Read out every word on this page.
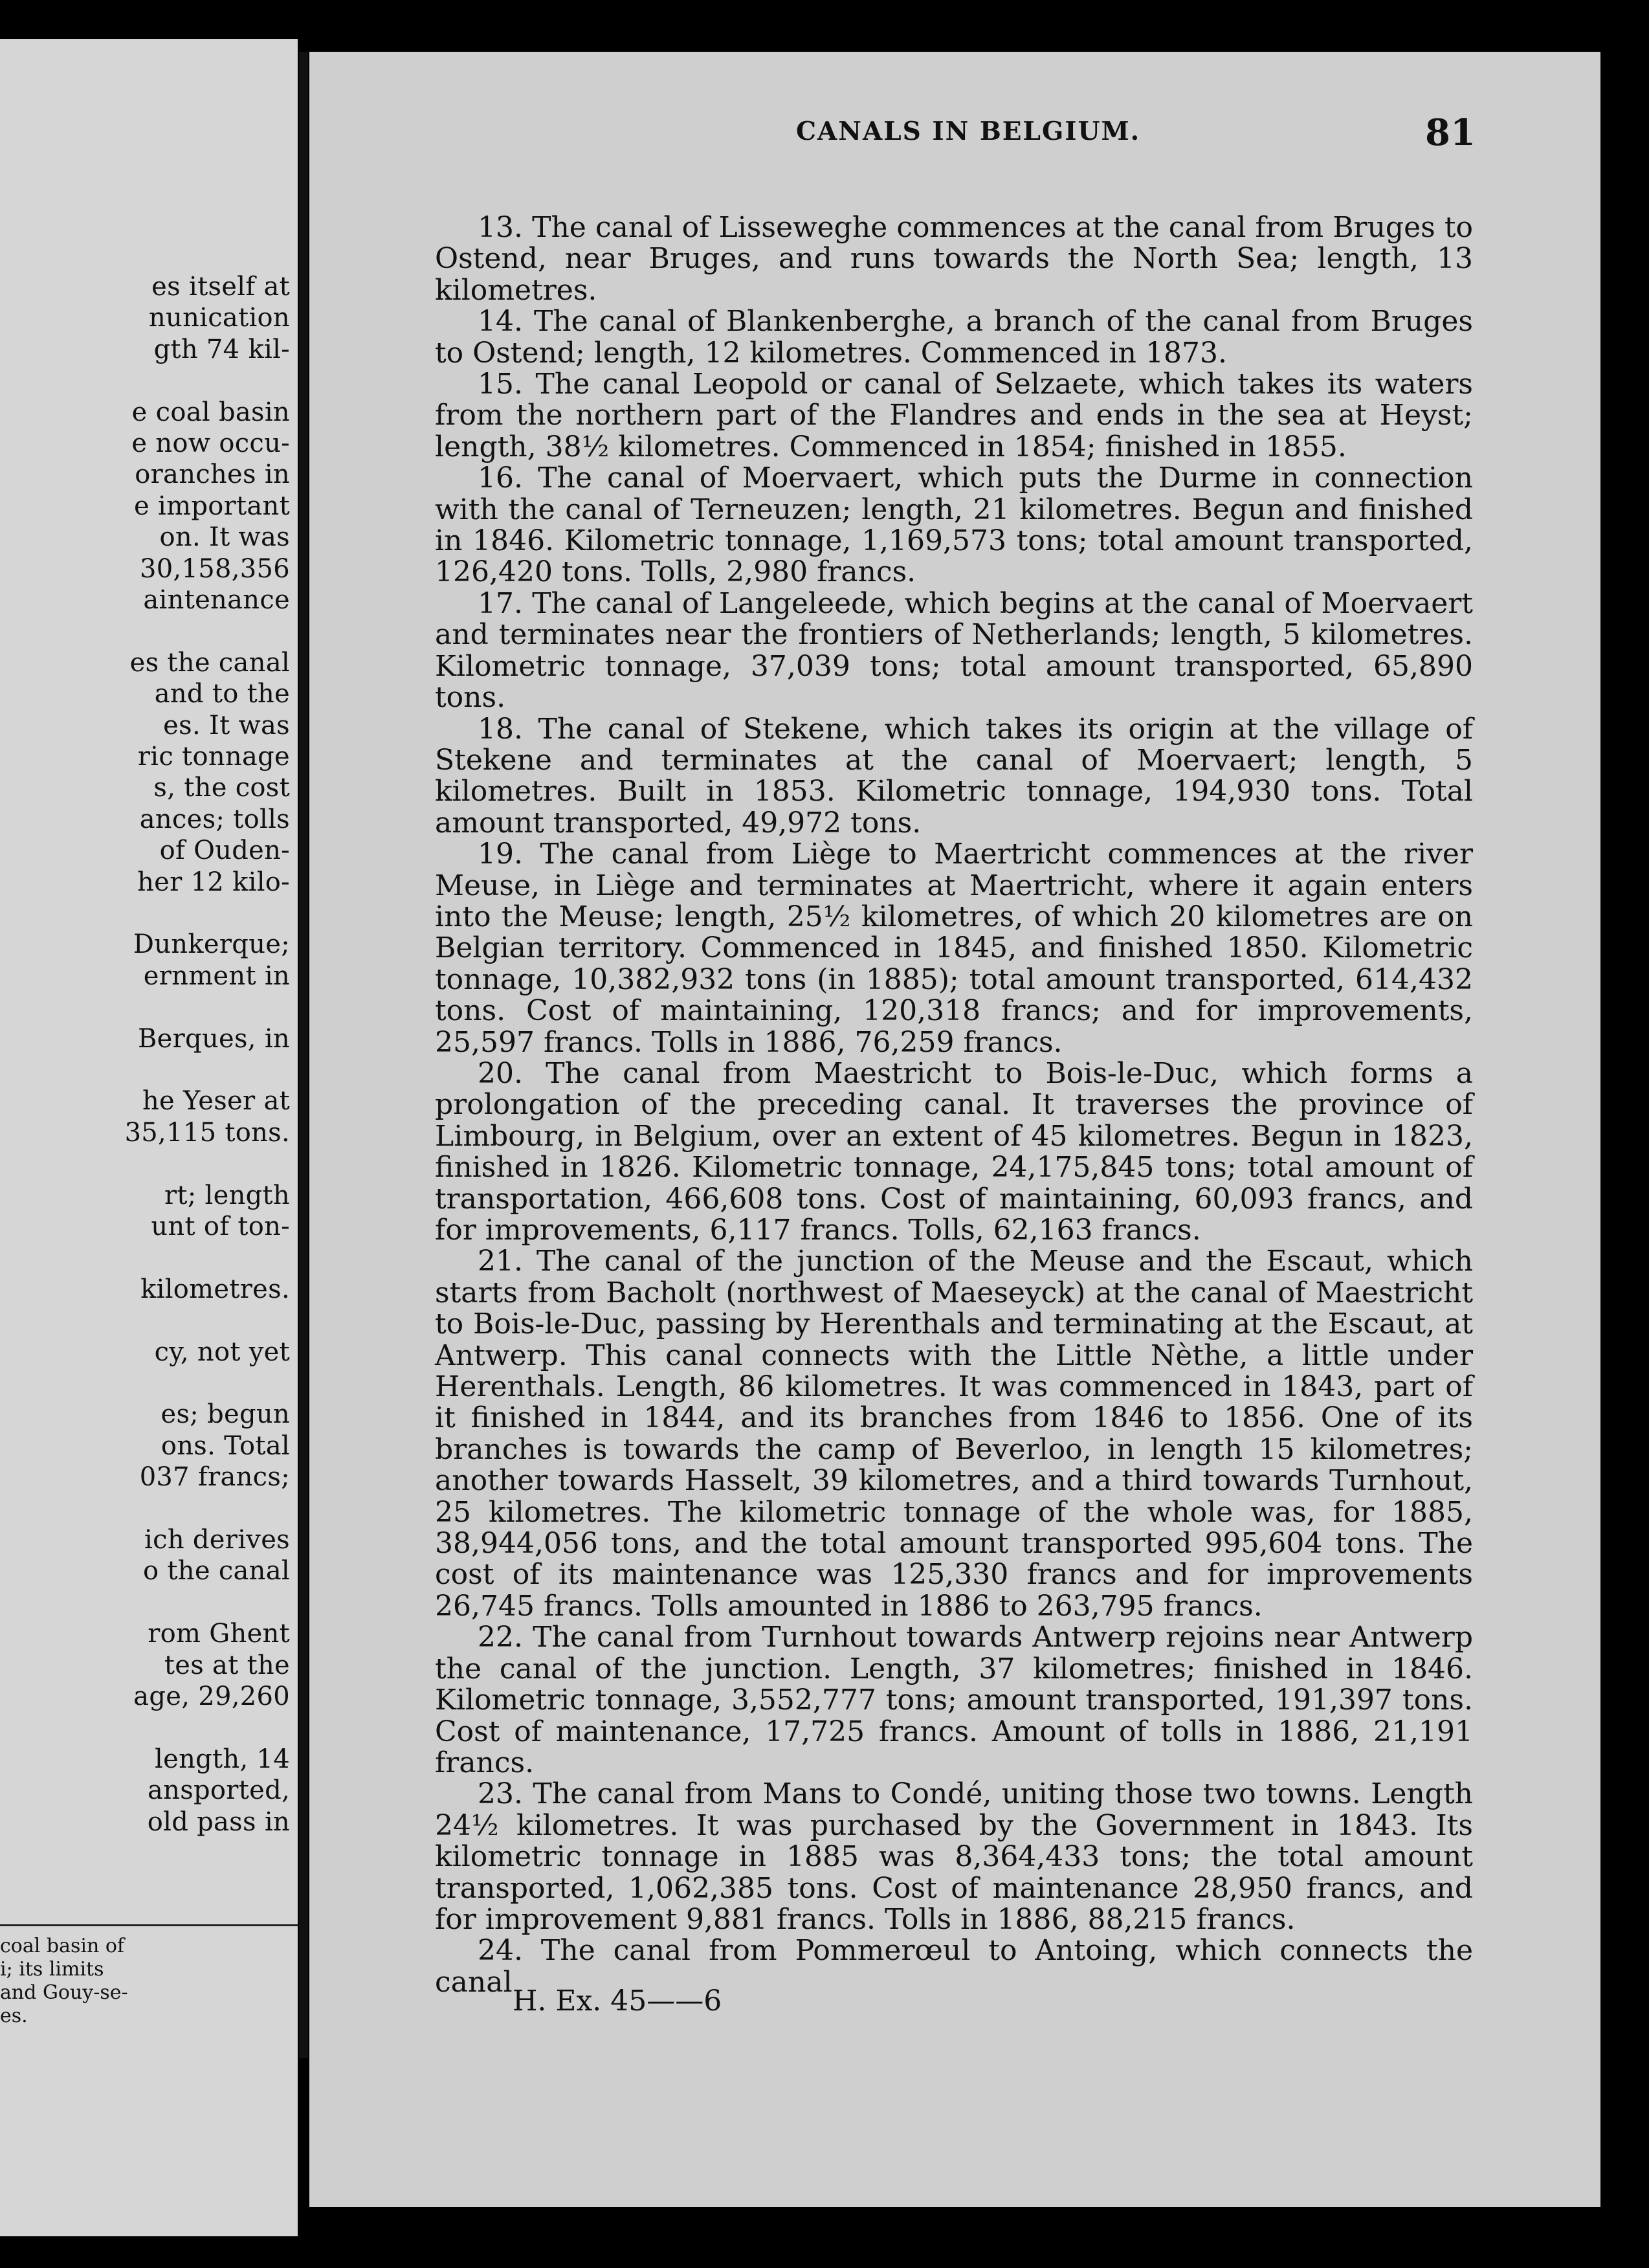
es itself at
nunication
gth 74 kil-
e coal basin
e now occu-
oranches in
e important
on. It was
30,158,356
aintenance
es the canal
and to the
es. It was
ric tonnage
s, the cost
ances; tolls
of Ouden-
her 12 kilo-
Dunkerque;
ernment in
Berques, in
he Yeser at
35,115 tons.
rt; length
unt of ton-
kilometres.
cy, not yet
es; begun
ons. Total
037 francs;
ich derives
o the canal
rom Ghent
tes at the
age, 29,260
length, 14
ansported,
old pass in
coal basin of
i; its limits
and Gouy-se-
es.
CANALS IN BELGIUM.	81

13. The canal of Lisseweghe commences at the canal from Bruges to Ostend, near Bruges, and runs towards the North Sea; length, 13 kilometres.

14. The canal of Blankenberghe, a branch of the canal from Bruges to Ostend; length, 12 kilometres. Commenced in 1873.

15. The canal Leopold or canal of Selzaete, which takes its waters from the northern part of the Flandres and ends in the sea at Heyst; length, 38½ kilometres. Commenced in 1854; finished in 1855.

16. The canal of Moervaert, which puts the Durme in connection with the canal of Terneuzen; length, 21 kilometres. Begun and finished in 1846. Kilometric tonnage, 1,169,573 tons; total amount transported, 126,420 tons. Tolls, 2,980 francs.

17. The canal of Langeleede, which begins at the canal of Moervaert and terminates near the frontiers of Netherlands; length, 5 kilometres. Kilometric tonnage, 37,039 tons; total amount transported, 65,890 tons.

18. The canal of Stekene, which takes its origin at the village of Stekene and terminates at the canal of Moervaert; length, 5 kilometres. Built in 1853. Kilometric tonnage, 194,930 tons. Total amount transported, 49,972 tons.

19. The canal from Liège to Maertricht commences at the river Meuse, in Liège and terminates at Maertricht, where it again enters into the Meuse; length, 25½ kilometres, of which 20 kilometres are on Belgian territory. Commenced in 1845, and finished 1850. Kilometric tonnage, 10,382,932 tons (in 1885); total amount transported, 614,432 tons. Cost of maintaining, 120,318 francs; and for improvements, 25,597 francs. Tolls in 1886, 76,259 francs.

20. The canal from Maestricht to Bois-le-Duc, which forms a prolongation of the preceding canal. It traverses the province of Limbourg, in Belgium, over an extent of 45 kilometres. Begun in 1823, finished in 1826. Kilometric tonnage, 24,175,845 tons; total amount of transportation, 466,608 tons. Cost of maintaining, 60,093 francs, and for improvements, 6,117 francs. Tolls, 62,163 francs.

21. The canal of the junction of the Meuse and the Escaut, which starts from Bacholt (northwest of Maeseyck) at the canal of Maestricht to Bois-le-Duc, passing by Herenthals and terminating at the Escaut, at Antwerp. This canal connects with the Little Nèthe, a little under Herenthals. Length, 86 kilometres. It was commenced in 1843, part of it finished in 1844, and its branches from 1846 to 1856. One of its branches is towards the camp of Beverloo, in length 15 kilometres; another towards Hasselt, 39 kilometres, and a third towards Turnhout, 25 kilometres. The kilometric tonnage of the whole was, for 1885, 38,944,056 tons, and the total amount transported 995,604 tons. The cost of its maintenance was 125,330 francs and for improvements 26,745 francs. Tolls amounted in 1886 to 263,795 francs.

22. The canal from Turnhout towards Antwerp rejoins near Antwerp the canal of the junction. Length, 37 kilometres; finished in 1846. Kilometric tonnage, 3,552,777 tons; amount transported, 191,397 tons. Cost of maintenance, 17,725 francs. Amount of tolls in 1886, 21,191 francs.

23. The canal from Mans to Condé, uniting those two towns. Length 24½ kilometres. It was purchased by the Government in 1843. Its kilometric tonnage in 1885 was 8,364,433 tons; the total amount transported, 1,062,385 tons. Cost of maintenance 28,950 francs, and for improvement 9,881 francs. Tolls in 1886, 88,215 francs.

24. The canal from Pommerœul to Antoing, which connects the canal

H. Ex. 45——6
